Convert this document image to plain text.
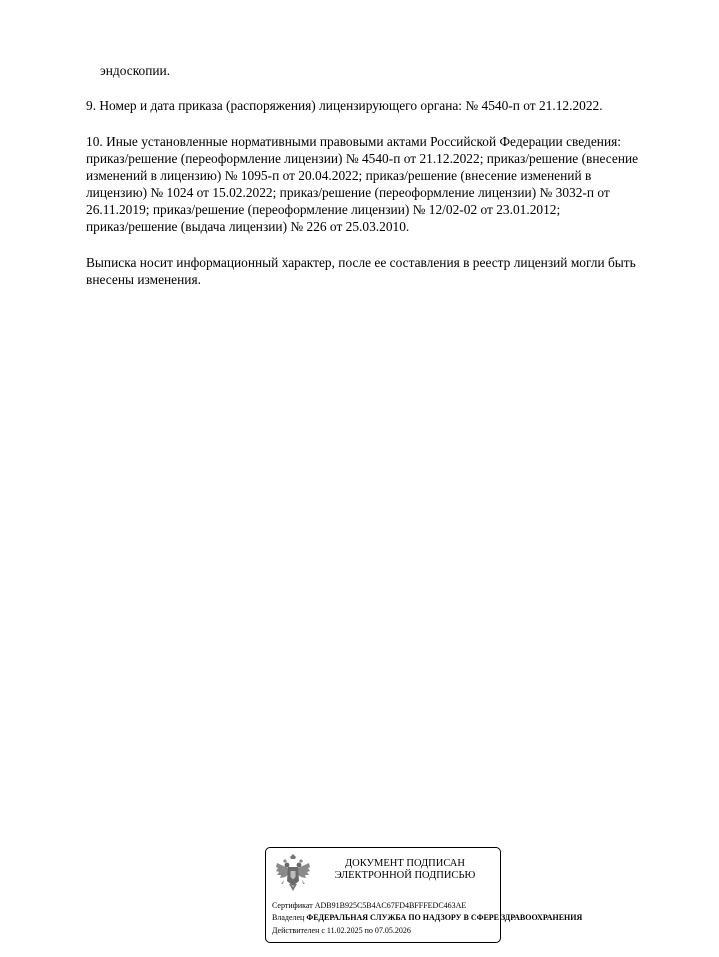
эндоскопии.
9. Номер и дата приказа (распоряжения) лицензирующего органа: № 4540-п от 21.12.2022.
10. Иные установленные нормативными правовыми актами Российской Федерации сведения:
приказ/решение (переоформление лицензии) № 4540-п от 21.12.2022; приказ/решение (внесение
изменений в лицензию) № 1095-п от 20.04.2022; приказ/решение (внесение изменений в
лицензию) № 1024 от 15.02.2022; приказ/решение (переоформление лицензии) № 3032-п от
26.11.2019; приказ/решение (переоформление лицензии) № 12/02-02 от 23.01.2012;
приказ/решение (выдача лицензии) № 226 от 25.03.2010.
Выписка носит информационный характер, после ее составления в реестр лицензий могли быть
внесены изменения.
ДОКУМЕНТ ПОДПИСАН
ЭЛЕКТРОННОЙ ПОДПИСЬЮ
Сертификат ADB91B925C5B4AC67FD4BFFFEDC463AE
Владелец ФЕДЕРАЛЬНАЯ СЛУЖБА ПО НАДЗОРУ В СФЕРЕ ЗДРАВООХРАНЕНИЯ
Действителен с 11.02.2025 по 07.05.2026
